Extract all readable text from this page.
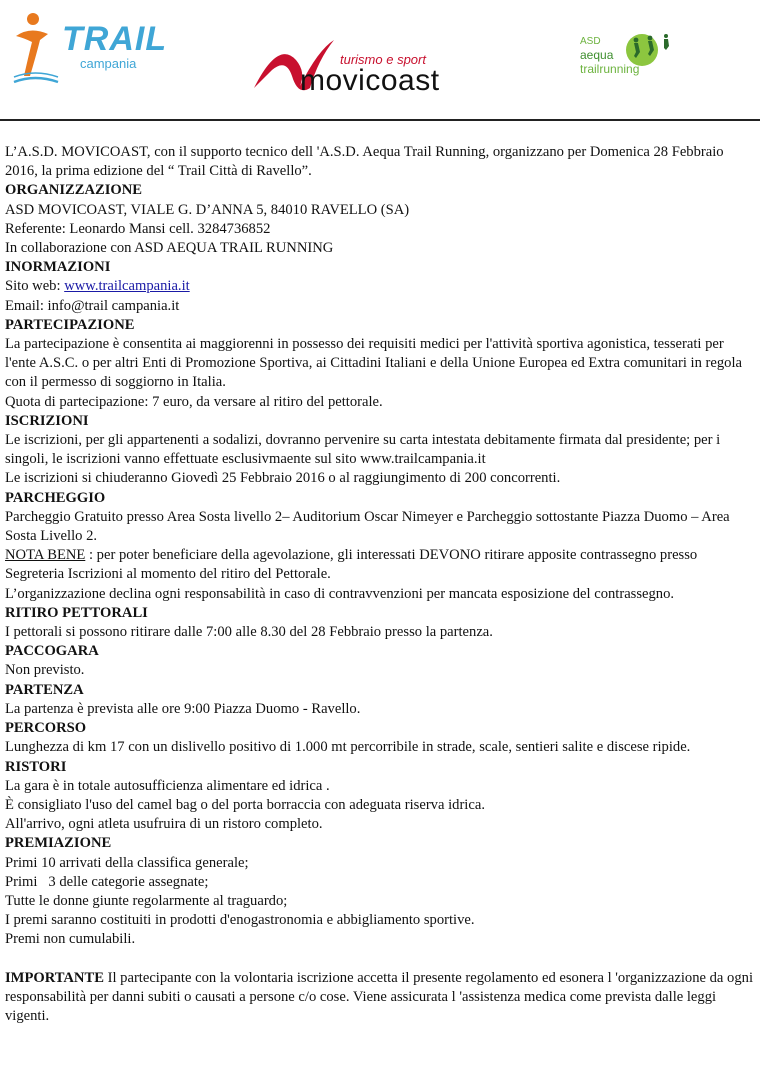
TRAIL
campania	turismo e sport
movicoast
ASD
aequa
trailrunning

L’A.S.D. MOVICOAST, con il supporto tecnico dell 'A.S.D. Aequa Trail Running, organizzano per Domenica 28 Febbraio 2016, la prima edizione del “ Trail Città di Ravello”.

ORGANIZZAZIONE

ASD MOVICOAST, VIALE G. D’ANNA 5, 84010 RAVELLO (SA)

Referente: Leonardo Mansi cell. 3284736852

In collaborazione con ASD AEQUA TRAIL RUNNING

INORMAZIONI

Sito web: www.trailcampania.it

Email: info@trail campania.it

PARTECIPAZIONE

La partecipazione è consentita ai maggiorenni in possesso dei requisiti medici per l'attività sportiva agonistica, tesserati per l'ente A.S.C. o per altri Enti di Promozione Sportiva, ai Cittadini Italiani e della Unione Europea ed Extra comunitari in regola con il permesso di soggiorno in Italia.

Quota di partecipazione: 7 euro, da versare al ritiro del pettorale.

ISCRIZIONI

Le iscrizioni, per gli appartenenti a sodalizi, dovranno pervenire su carta intestata debitamente firmata dal presidente; per i singoli, le iscrizioni vanno effettuate esclusivmaente sul sito www.trailcampania.it

Le iscrizioni si chiuderanno Giovedì 25 Febbraio 2016 o al raggiungimento di 200 concorrenti.

PARCHEGGIO

Parcheggio Gratuito presso Area Sosta livello 2– Auditorium Oscar Nimeyer e Parcheggio sottostante Piazza Duomo – Area Sosta Livello 2.

NOTA BENE : per poter beneficiare della agevolazione, gli interessati DEVONO ritirare apposite contrassegno presso Segreteria Iscrizioni al momento del ritiro del Pettorale.

L’organizzazione declina ogni responsabilità in caso di contravvenzioni per mancata esposizione del contrassegno.

RITIRO PETTORALI

I pettorali si possono ritirare dalle 7:00 alle 8.30 del 28 Febbraio presso la partenza.

PACCOGARA

Non previsto.

PARTENZA

La partenza è prevista alle ore 9:00 Piazza Duomo - Ravello.

PERCORSO

Lunghezza di km 17 con un dislivello positivo di 1.000 mt percorribile in strade, scale, sentieri salite e discese ripide.

RISTORI

La gara è in totale autosufficienza alimentare ed idrica .

È consigliato l'uso del camel bag o del porta borraccia con adeguata riserva idrica.

All'arrivo, ogni atleta usufruira di un ristoro completo.

PREMIAZIONE

Primi 10 arrivati della classifica generale;

Primi   3 delle categorie assegnate;

Tutte le donne giunte regolarmente al traguardo;

I premi saranno costituiti in prodotti d'enogastronomia e abbigliamento sportive.

Premi non cumulabili.

IMPORTANTE Il partecipante con la volontaria iscrizione accetta il presente regolamento ed esonera l 'organizzazione da ogni responsabilità per danni subiti o causati a persone c/o cose. Viene assicurata l 'assistenza medica come prevista dalle leggi vigenti.
